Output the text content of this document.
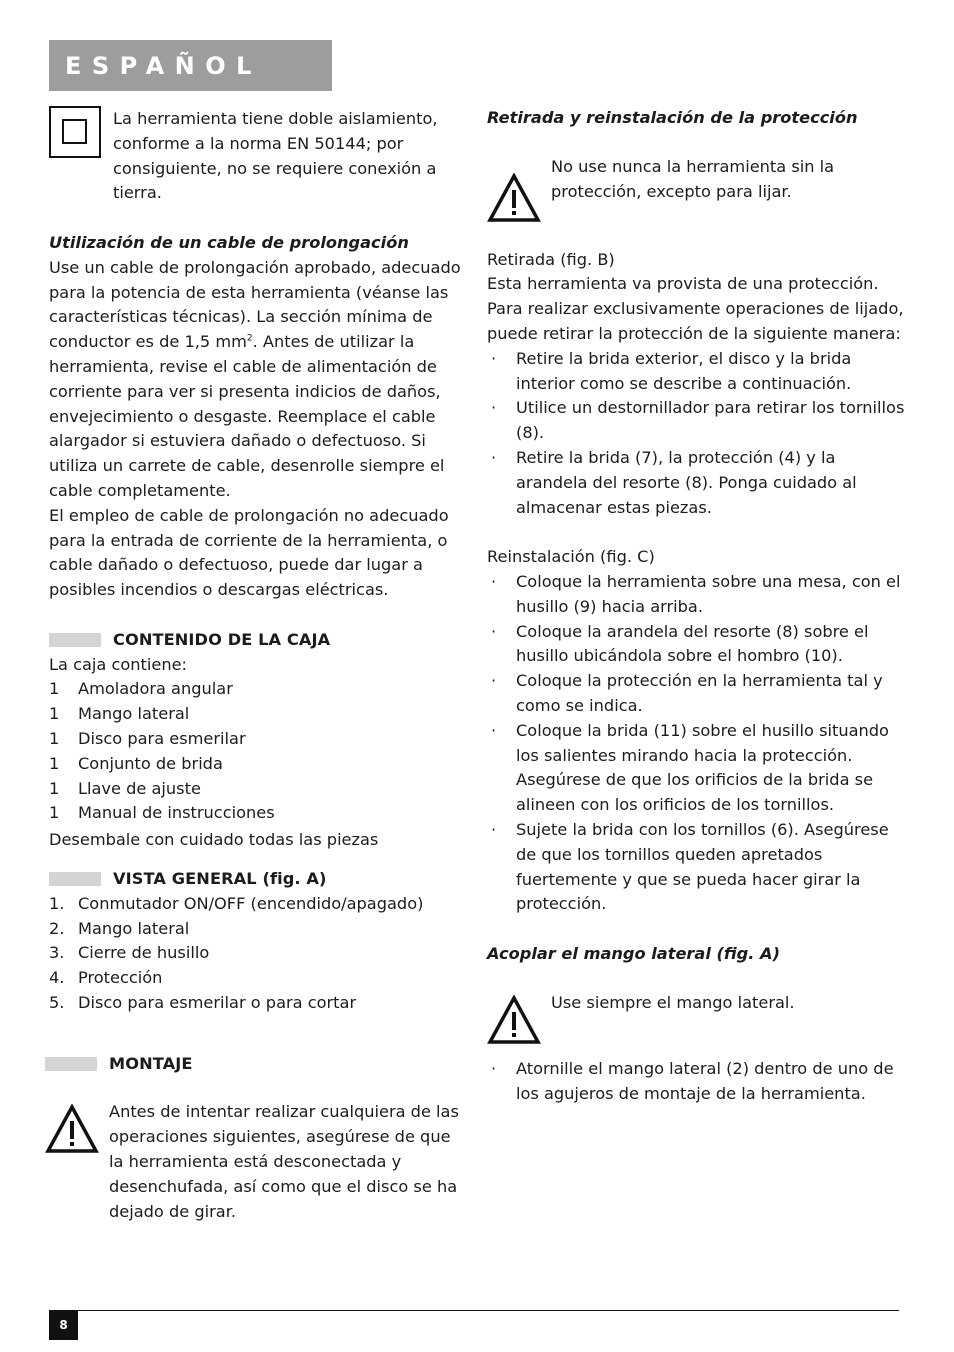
ESPAÑOL

La herramienta tiene doble aislamiento, conforme a la norma EN 50144; por consiguiente, no se requiere conexión a tierra.

Utilización de un cable de prolongación

Use un cable de prolongación aprobado, adecuado para la potencia de esta herramienta (véanse las características técnicas). La sección mínima de conductor es de 1,5 $mm^2$. Antes de utilizar la herramienta, revise el cable de alimentación de corriente para ver si presenta indicios de daños, envejecimiento o desgaste. Reemplace el cable alargador si estuviera dañado o defectuoso. Si utiliza un carrete de cable, desenrolle siempre el cable completamente.

El empleo de cable de prolongación no adecuado para la entrada de corriente de la herramienta, o cable dañado o defectuoso, puede dar lugar a posibles incendios o descargas eléctricas.

CONTENIDO DE LA CAJA

La caja contiene:

1	Amoladora angular
1	Mango lateral
1	Disco para esmerilar
1	Conjunto de brida
1	Llave de ajuste
1	Manual de instrucciones

Desembale con cuidado todas las piezas

VISTA GENERAL (fig. A)
1. Conmutador ON/OFF (encendido/apagado)
2. Mango lateral
3. Cierre de husillo
4. Protección
5. Disco para esmerilar o para cortar
MONTAJE

Antes de intentar realizar cualquiera de las operaciones siguientes, asegúrese de que la herramienta está desconectada y desenchufada, así como que el disco se ha dejado de girar.

Retirada y reinstalación de la protección

No use nunca la herramienta sin la protección, excepto para lijar.

Retirada (fig. B)

Esta herramienta va provista de una protección. Para realizar exclusivamente operaciones de lijado, puede retirar la protección de la siguiente manera:

·	Retire la brida exterior, el disco y la brida interior como se describe a continuación.
·	Utilice un destornillador para retirar los tornillos (8).
·	Retire la brida (7), la protección (4) y la arandela del resorte (8). Ponga cuidado al almacenar estas piezas.

Reinstalación (fig. C)

·	Coloque la herramienta sobre una mesa, con el husillo (9) hacia arriba.
·	Coloque la arandela del resorte (8) sobre el husillo ubicándola sobre el hombro (10).
·	Coloque la protección en la herramienta tal y como se indica.
·	Coloque la brida (11) sobre el husillo situando los salientes mirando hacia la protección. Asegúrese de que los orificios de la brida se alineen con los orificios de los tornillos.
·	Sujete la brida con los tornillos (6). Asegúrese de que los tornillos queden apretados fuertemente y que se pueda hacer girar la protección.

Acoplar el mango lateral (fig. A)

Use siempre el mango lateral.

·	Atornille el mango lateral (2) dentro de uno de los agujeros de montaje de la herramienta.
8
